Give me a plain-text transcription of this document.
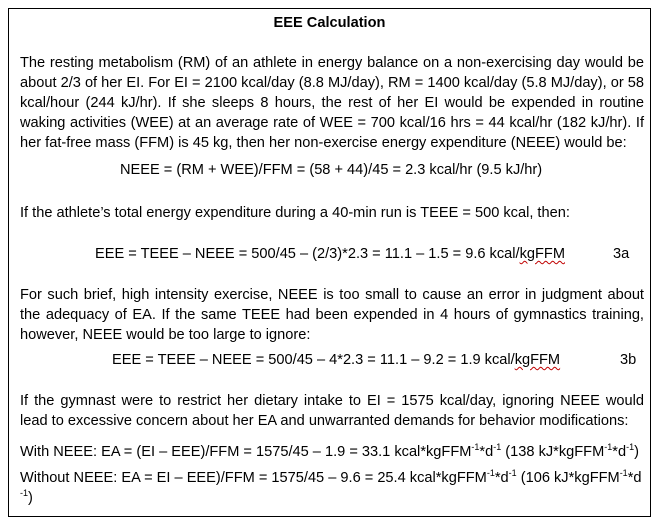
EEE Calculation
The resting metabolism (RM) of an athlete in energy balance on a non-exercising day would be about 2/3 of her EI. For EI = 2100 kcal/day (8.8 MJ/day), RM = 1400 kcal/day (5.8 MJ/day), or 58 kcal/hour (244 kJ/hr). If she sleeps 8 hours, the rest of her EI would be expended in routine waking activities (WEE) at an average rate of WEE = 700 kcal/16 hrs = 44 kcal/hr (182 kJ/hr). If her fat-free mass (FFM) is 45 kg, then her non-exercise energy expenditure (NEEE) would be:
NEEE = (RM + WEE)/FFM = (58 + 44)/45 = 2.3 kcal/hr (9.5 kJ/hr)
If the athlete’s total energy expenditure during a 40-min run is TEEE = 500 kcal, then:
EEE = TEEE – NEEE = 500/45 – (2/3)*2.3 = 11.1 – 1.5 = 9.6 kcal/kgFFM	3a
For such brief, high intensity exercise, NEEE is too small to cause an error in judgment about the adequacy of EA. If the same TEEE had been expended in 4 hours of gymnastics training, however, NEEE would be too large to ignore:
EEE = TEEE – NEEE = 500/45 – 4*2.3 = 11.1 – 9.2 = 1.9 kcal/kgFFM	3b
If the gymnast were to restrict her dietary intake to EI = 1575 kcal/day, ignoring NEEE would lead to excessive concern about her EA and unwarranted demands for behavior modifications:
With NEEE: EA = (EI – EEE)/FFM = 1575/45 – 1.9 = 33.1 $kcal*kgFFM^{-1}*d^{-1}$ (138 $kJ*kgFFM^{-1}*d^{-1}$)
Without NEEE: EA = EI – EEE)/FFM = 1575/45 – 9.6 = 25.4 $kcal*kgFFM^{-1}*d^{-1}$ (106 $kJ*kgFFM^{-1}*d^{-1}$)
